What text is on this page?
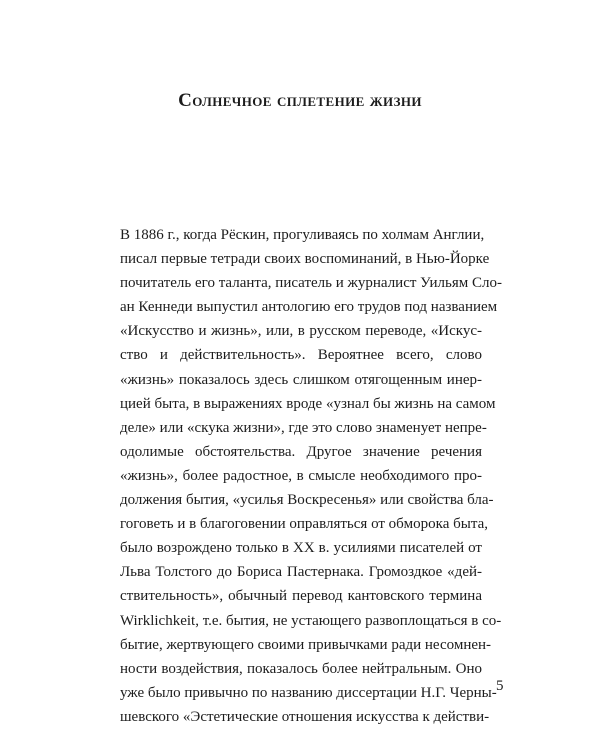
Солнечное сплетение жизни
В 1886 г., когда Рёскин, прогуливаясь по холмам Англии,
писал первые тетради своих воспоминаний, в Нью-Йорке
почитатель его таланта, писатель и журналист Уильям Сло-
ан Кеннеди выпустил антологию его трудов под названием
«Искусство и жизнь», или, в русском переводе, «Искус-
ство и действительность». Вероятнее всего, слово
«жизнь» показалось здесь слишком отягощенным инер-
цией быта, в выражениях вроде «узнал бы жизнь на самом
деле» или «скука жизни», где это слово знаменует непре-
одолимые обстоятельства. Другое значение речения
«жизнь», более радостное, в смысле необходимого про-
должения бытия, «усилья Воскресенья» или свойства бла-
гоговеть и в благоговении оправляться от обморока быта,
было возрождено только в XX в. усилиями писателей от
Льва Толстого до Бориса Пастернака. Громоздкое «дей-
ствительность», обычный перевод кантовского термина
Wirklichkeit, т.е. бытия, не устающего развоплощаться в со-
бытие, жертвующего своими привычками ради несомнен-
ности воздействия, показалось более нейтральным. Оно
уже было привычно по названию диссертации Н.Г. Черны-
шевского «Эстетические отношения искусства к действи-
5
